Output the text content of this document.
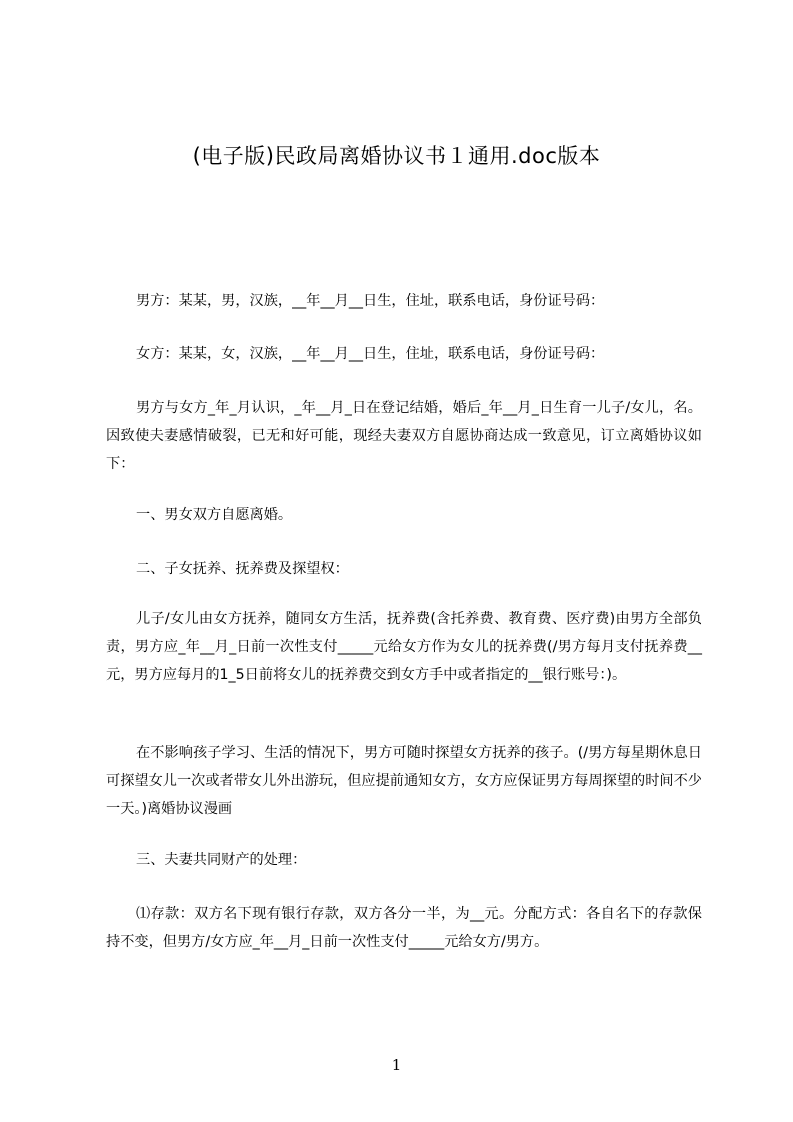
(电子版)民政局离婚协议书１通用.doc版本

男方：某某，男，汉族，__年__月__日生，住址，联系电话，身份证号码：

女方：某某，女，汉族，__年__月__日生，住址，联系电话，身份证号码：

男方与女方_年_月认识，_年__月_日在登记结婚，婚后_年__月_日生育一儿子/女儿，名。因致使夫妻感情破裂，已无和好可能，现经夫妻双方自愿协商达成一致意见，订立离婚协议如下：

一、男女双方自愿离婚。

二、子女抚养、抚养费及探望权：

儿子/女儿由女方抚养，随同女方生活，抚养费(含托养费、教育费、医疗费)由男方全部负责，男方应_年__月_日前一次性支付_____元给女方作为女儿的抚养费(/男方每月支付抚养费__元，男方应每月的1_5日前将女儿的抚养费交到女方手中或者指定的__银行账号：)。

在不影响孩子学习、生活的情况下，男方可随时探望女方抚养的孩子。(/男方每星期休息日可探望女儿一次或者带女儿外出游玩，但应提前通知女方，女方应保证男方每周探望的时间不少一天。)离婚协议漫画

三、夫妻共同财产的处理：

⑴存款：双方名下现有银行存款，双方各分一半，为__元。分配方式：各自名下的存款保持不变，但男方/女方应_年__月_日前一次性支付_____元给女方/男方。

1
